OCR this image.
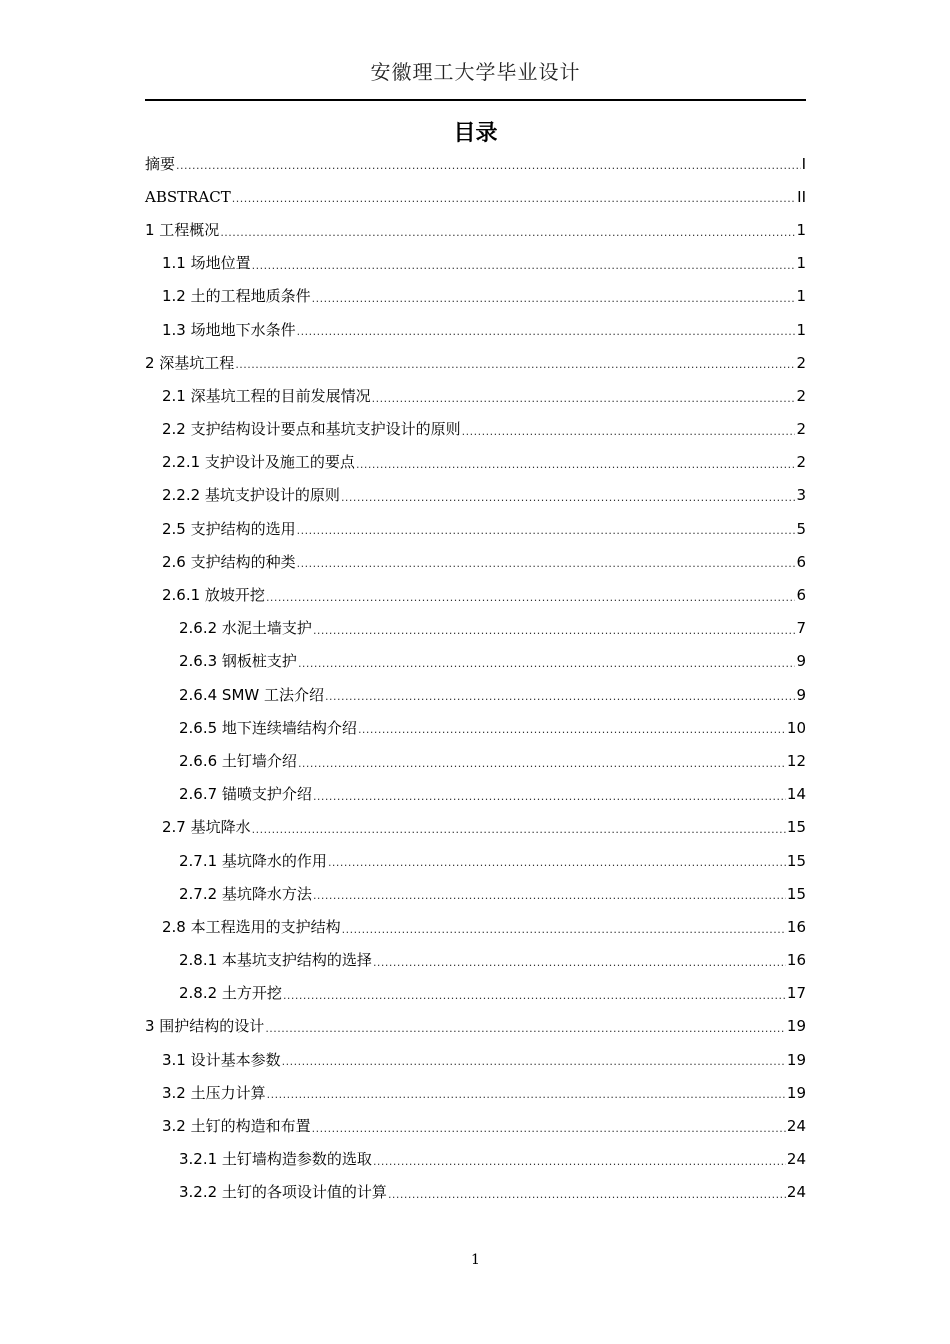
安徽理工大学毕业设计
目录
摘要 .....	I
ABSTRACT .....	II
1 工程概况 .....	1
1.1 场地位置 .....	1
1.2 土的工程地质条件 .....	1
1.3 场地地下水条件 .....	1
2 深基坑工程 .....	2
2.1 深基坑工程的目前发展情况 .....	2
2.2 支护结构设计要点和基坑支护设计的原则 .....	2
2.2.1 支护设计及施工的要点 .....	2
2.2.2 基坑支护设计的原则 .....	3
2.5 支护结构的选用 .....	5
2.6 支护结构的种类 .....	6
2.6.1 放坡开挖 .....	6
2.6.2 水泥土墙支护 .....	7
2.6.3 钢板桩支护 .....	9
2.6.4 SMW 工法介绍 .....	9
2.6.5 地下连续墙结构介绍 .....	10
2.6.6 土钉墙介绍 .....	12
2.6.7 锚喷支护介绍 .....	14
2.7 基坑降水 .....	15
2.7.1 基坑降水的作用 .....	15
2.7.2 基坑降水方法 .....	15
2.8 本工程选用的支护结构 .....	16
2.8.1 本基坑支护结构的选择 .....	16
2.8.2 土方开挖 .....	17
3 围护结构的设计 .....	19
3.1 设计基本参数 .....	19
3.2 土压力计算 .....	19
3.2 土钉的构造和布置 .....	24
3.2.1 土钉墙构造参数的选取 .....	24
3.2.2 土钉的各项设计值的计算 .....	24
1
